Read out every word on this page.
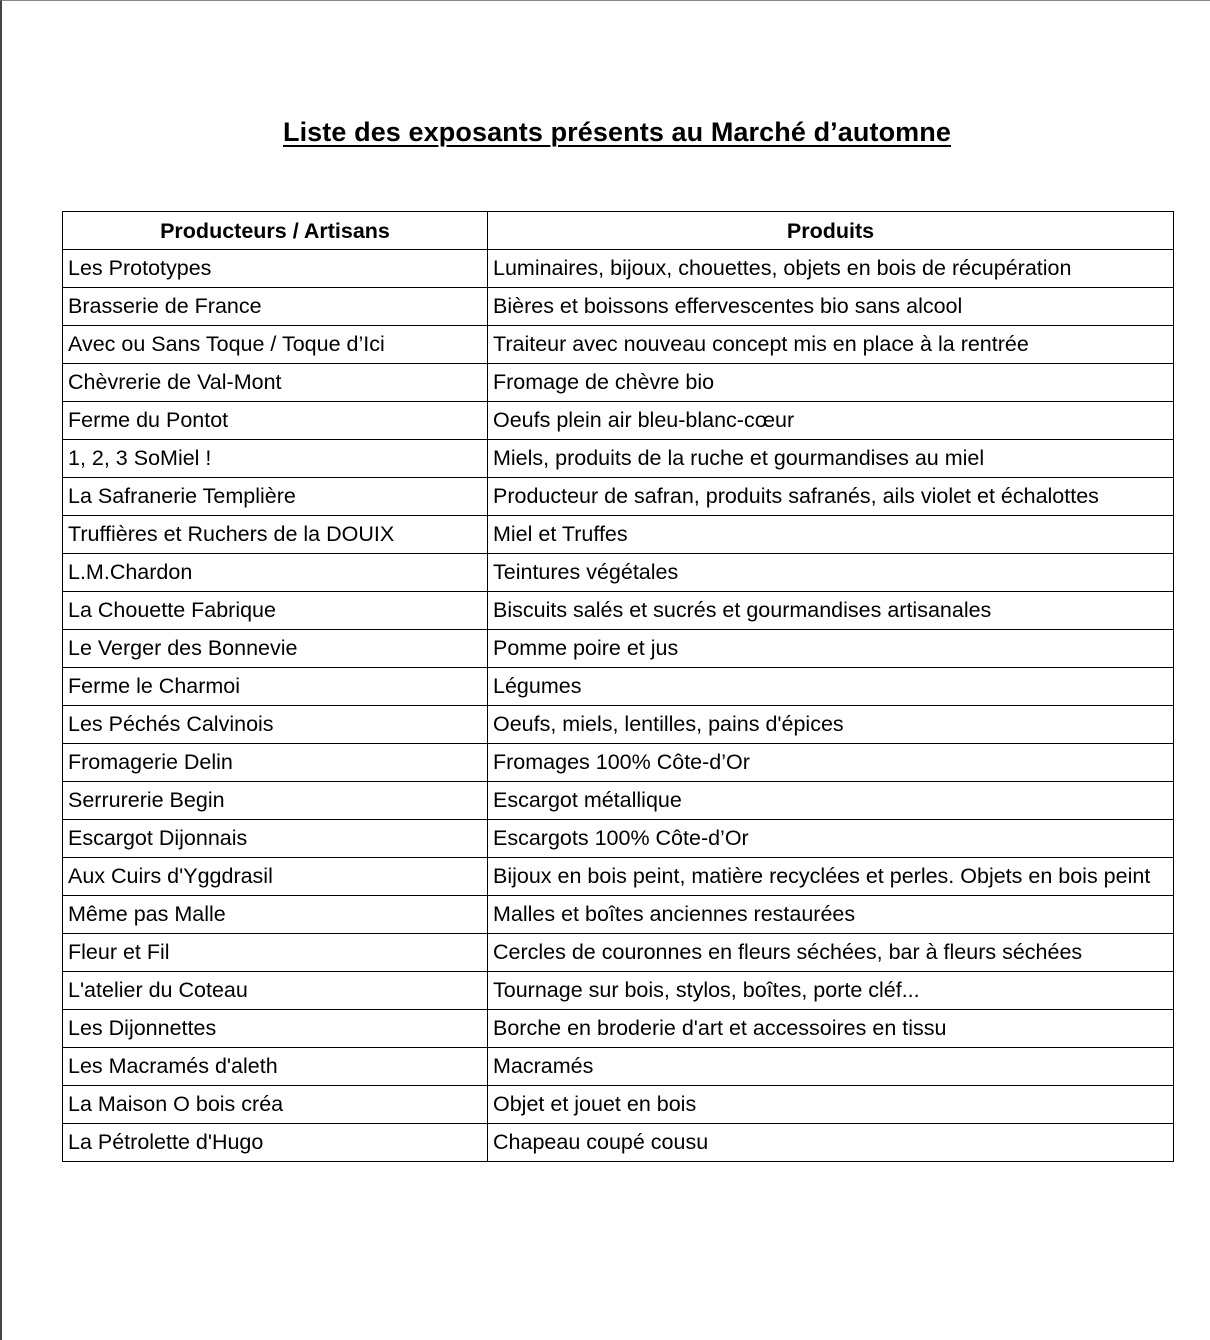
Liste des exposants présents au Marché d’automne
Producteurs / Artisans	Produits
Les Prototypes	Luminaires, bijoux, chouettes, objets en bois de récupération
Brasserie de France	Bières et boissons effervescentes bio sans alcool
Avec ou Sans Toque / Toque d’Ici	Traiteur avec nouveau concept mis en place à la rentrée
Chèvrerie de Val-Mont	Fromage de chèvre bio
Ferme du Pontot	Oeufs plein air bleu-blanc-cœur
1, 2, 3 SoMiel !	Miels, produits de la ruche et gourmandises au miel
La Safranerie Templière	Producteur de safran, produits safranés, ails violet et échalottes
Truffières et Ruchers de la DOUIX	Miel et Truffes
L.M.Chardon	Teintures végétales
La Chouette Fabrique	Biscuits salés et sucrés et gourmandises artisanales
Le Verger des Bonnevie	Pomme poire et jus
Ferme le Charmoi	Légumes
Les Péchés Calvinois	Oeufs, miels, lentilles, pains d'épices
Fromagerie Delin	Fromages 100% Côte-d’Or
Serrurerie Begin	Escargot métallique
Escargot Dijonnais	Escargots 100% Côte-d’Or
Aux Cuirs d'Yggdrasil	Bijoux en bois peint, matière recyclées et perles. Objets en bois peint
Même pas Malle	Malles et boîtes anciennes restaurées
Fleur et Fil	Cercles de couronnes en fleurs séchées, bar à fleurs séchées
L'atelier du Coteau	Tournage sur bois, stylos, boîtes, porte cléf...
Les Dijonnettes	Borche en broderie d'art et accessoires en tissu
Les Macramés d'aleth	Macramés
La Maison O bois créa	Objet et jouet en bois
La Pétrolette d'Hugo	Chapeau coupé cousu
